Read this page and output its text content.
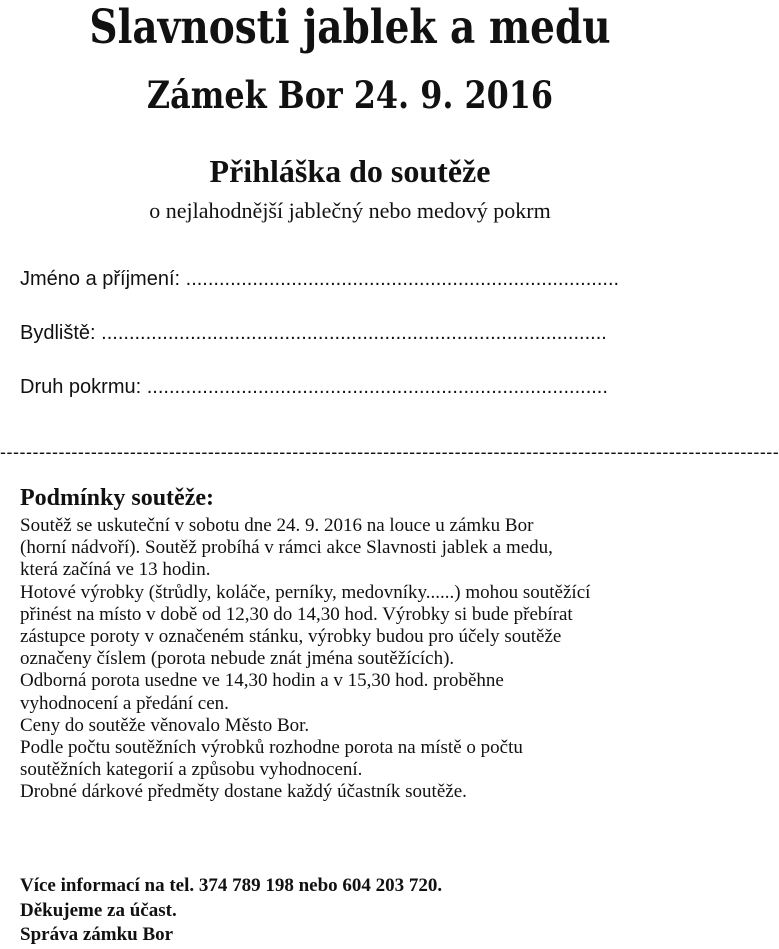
Slavnosti jablek a medu
Zámek Bor 24. 9. 2016
Přihláška do soutěže
o nejlahodnější jablečný nebo medový pokrm
Jméno a příjmení: ..............................................................................
Bydliště: ...........................................................................................
Druh pokrmu: ...................................................................................
------------------------------------------------------------------------------------------------------------------------
Podmínky soutěže:
Soutěž se uskuteční v sobotu dne 24. 9. 2016 na louce u zámku Bor
(horní nádvoří). Soutěž probíhá v rámci akce Slavnosti jablek a medu,
která začíná ve 13 hodin.
Hotové výrobky (štrůdly, koláče, perníky, medovníky......) mohou soutěžící
přinést na místo v době od 12,30 do 14,30 hod. Výrobky si bude přebírat
zástupce poroty v označeném stánku, výrobky budou pro účely soutěže
označeny číslem (porota nebude znát jména soutěžících).
Odborná porota usedne ve 14,30 hodin a v 15,30 hod. proběhne
vyhodnocení a předání cen.
Ceny do soutěže věnovalo Město Bor.
Podle počtu soutěžních výrobků rozhodne porota na místě o počtu
soutěžních kategorií a způsobu vyhodnocení.
Drobné dárkové předměty dostane každý účastník soutěže.
Více informací na tel. 374 789 198 nebo 604 203 720.
Děkujeme za účast.
Správa zámku Bor
